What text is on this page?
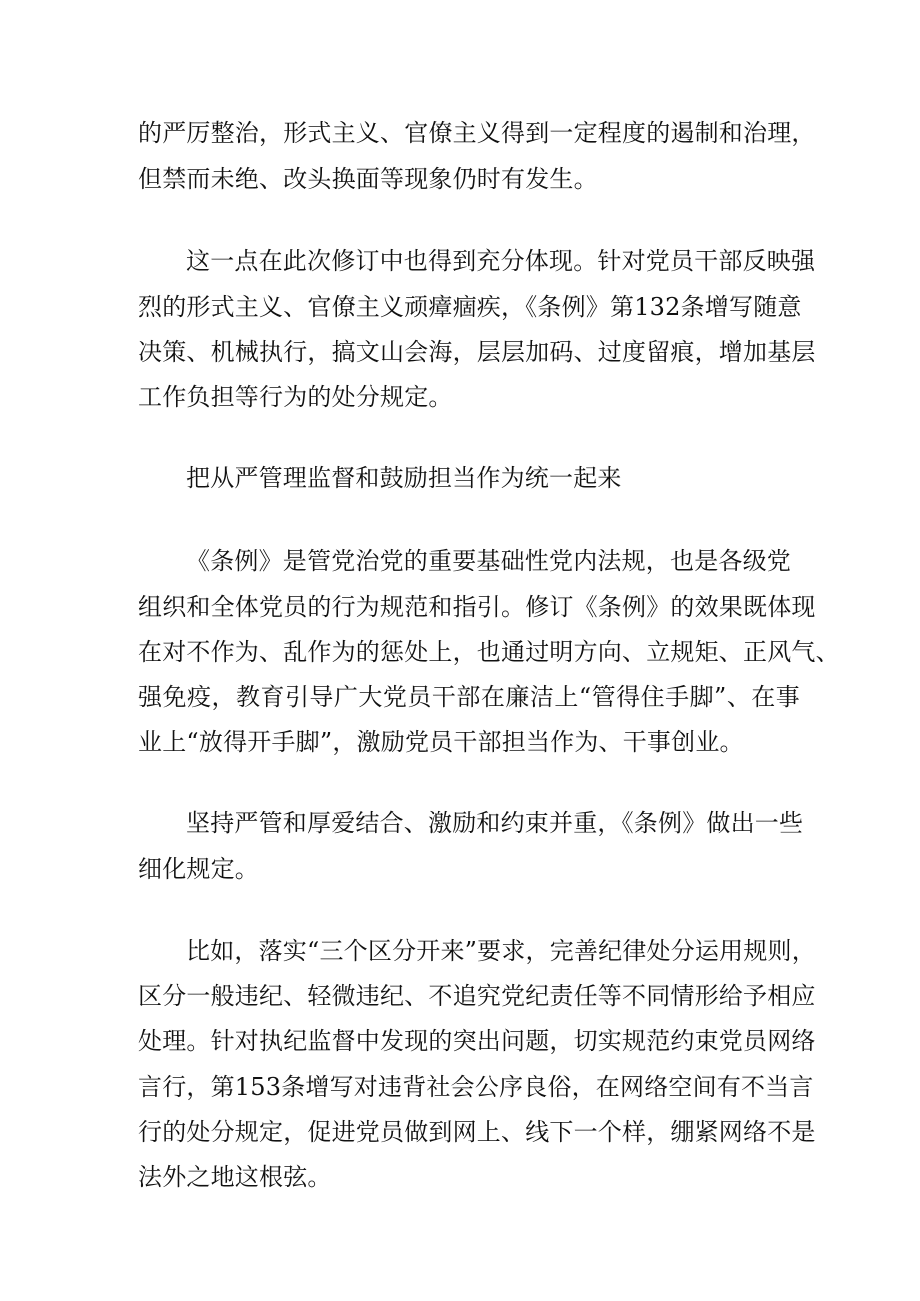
的严厉整治，形式主义、官僚主义得到一定程度的遏制和治理，
但禁而未绝、改头换面等现象仍时有发生。
这一点在此次修订中也得到充分体现。针对党员干部反映强
烈的形式主义、官僚主义顽瘴痼疾，《条例》第132条增写随意
决策、机械执行，搞文山会海，层层加码、过度留痕，增加基层
工作负担等行为的处分规定。
把从严管理监督和鼓励担当作为统一起来
《条例》是管党治党的重要基础性党内法规，也是各级党
组织和全体党员的行为规范和指引。修订《条例》的效果既体现
在对不作为、乱作为的惩处上，也通过明方向、立规矩、正风气、
强免疫，教育引导广大党员干部在廉洁上“管得住手脚”、在事
业上“放得开手脚”，激励党员干部担当作为、干事创业。
坚持严管和厚爱结合、激励和约束并重，《条例》做出一些
细化规定。
比如，落实“三个区分开来”要求，完善纪律处分运用规则，
区分一般违纪、轻微违纪、不追究党纪责任等不同情形给予相应
处理。针对执纪监督中发现的突出问题，切实规范约束党员网络
言行，第153条增写对违背社会公序良俗，在网络空间有不当言
行的处分规定，促进党员做到网上、线下一个样，绷紧网络不是
法外之地这根弦。
